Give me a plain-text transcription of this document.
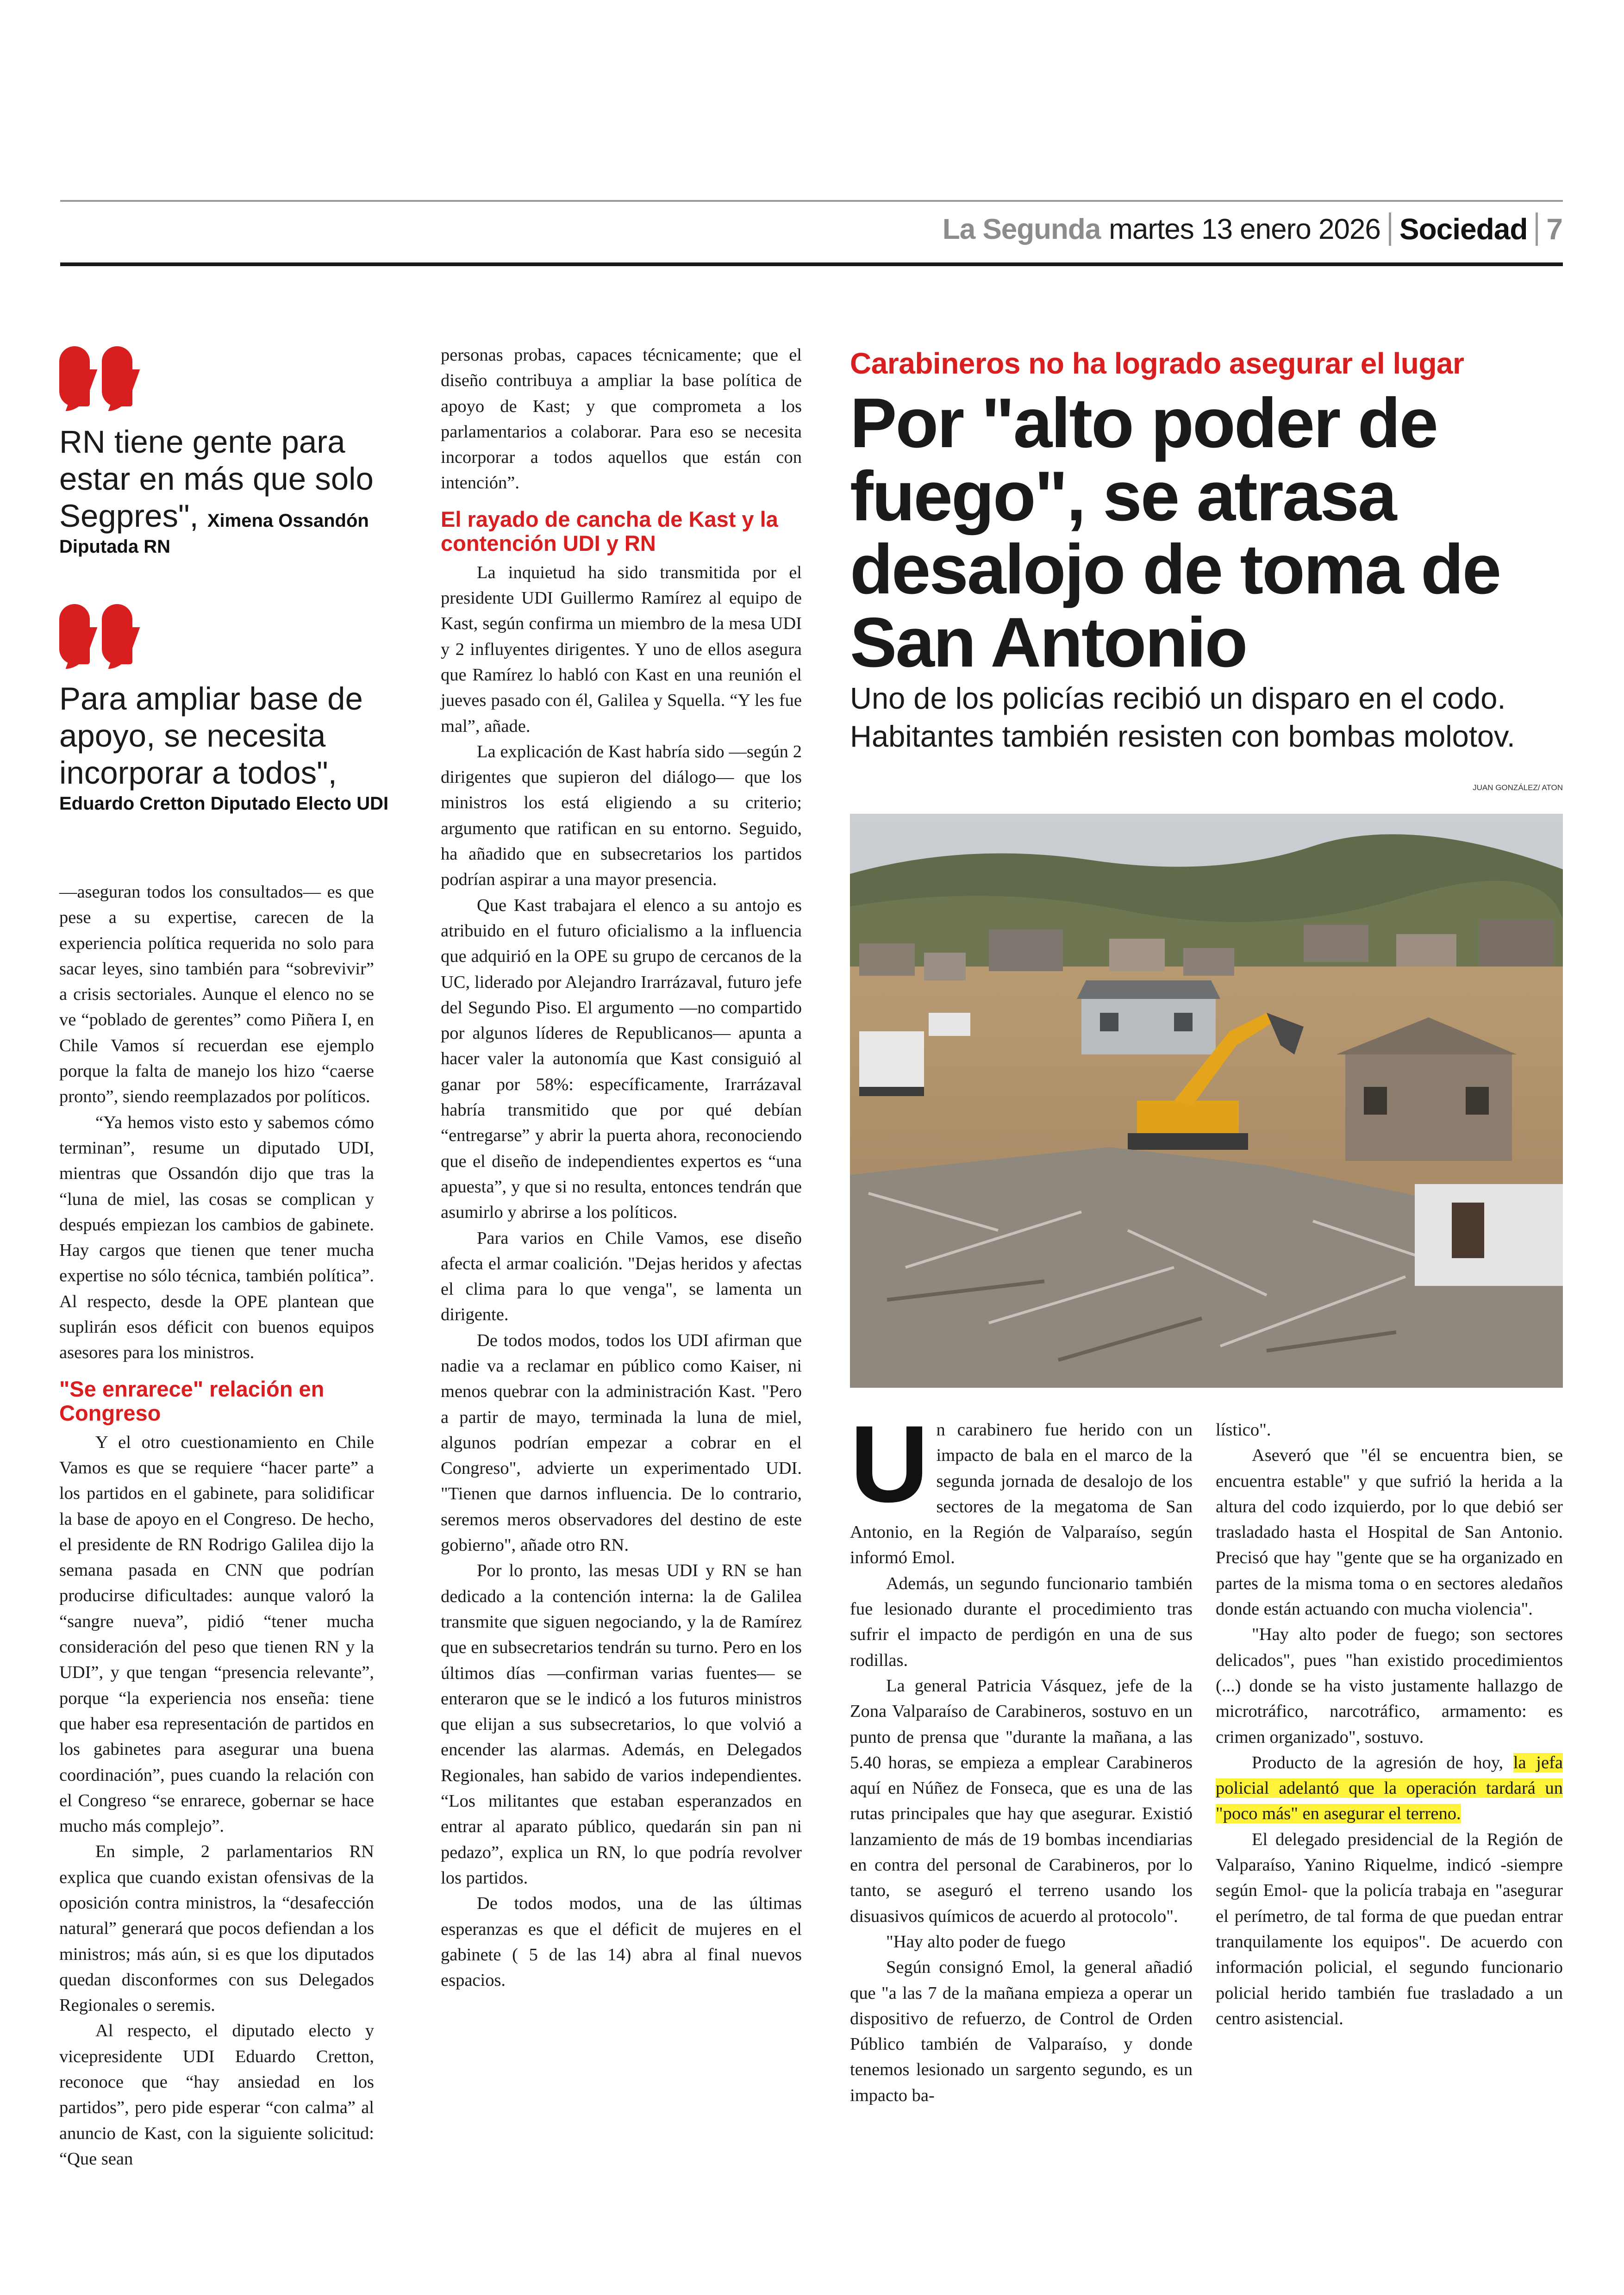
La Segunda martes 13 enero 2026 Sociedad 7
RN tiene gente para estar en más que solo Segpres", Ximena Ossandón
Diputada RN
Para ampliar base de apoyo, se necesita incorporar a todos",
Eduardo Cretton Diputado Electo UDI

—aseguran todos los consultados— es que pese a su expertise, carecen de la experiencia política requerida no solo para sacar leyes, sino también para “sobrevivir” a crisis sectoriales. Aunque el elenco no se ve “poblado de gerentes” como Piñera I, en Chile Vamos sí recuerdan ese ejemplo porque la falta de manejo los hizo “caerse pronto”, siendo reemplazados por políticos.

“Ya hemos visto esto y sabemos cómo terminan”, resume un diputado UDI, mientras que Ossandón dijo que tras la “luna de miel, las cosas se complican y después empiezan los cambios de gabinete. Hay cargos que tienen que tener mucha expertise no sólo técnica, también política”. Al respecto, desde la OPE plantean que suplirán esos déficit con buenos equipos asesores para los ministros.

"Se enrarece" relación en Congreso

Y el otro cuestionamiento en Chile Vamos es que se requiere “hacer parte” a los partidos en el gabinete, para solidificar la base de apoyo en el Congreso. De hecho, el presidente de RN Rodrigo Galilea dijo la semana pasada en CNN que podrían producirse dificultades: aunque valoró la “sangre nueva”, pidió “tener mucha consideración del peso que tienen RN y la UDI”, y que tengan “presencia relevante”, porque “la experiencia nos enseña: tiene que haber esa representación de partidos en los gabinetes para asegurar una buena coordinación”, pues cuando la relación con el Congreso “se enrarece, gobernar se hace mucho más complejo”.

En simple, 2 parlamentarios RN explica que cuando existan ofensivas de la oposición contra ministros, la “desafección natural” generará que pocos defiendan a los ministros; más aún, si es que los diputados quedan disconformes con sus Delegados Regionales o seremis.

Al respecto, el diputado electo y vicepresidente UDI Eduardo Cretton, reconoce que “hay ansiedad en los partidos”, pero pide esperar “con calma” al anuncio de Kast, con la siguiente solicitud: “Que sean

personas probas, capaces técnicamente; que el diseño contribuya a ampliar la base política de apoyo de Kast; y que comprometa a los parlamentarios a colaborar. Para eso se necesita incorporar a todos aquellos que están con intención”.

El rayado de cancha de Kast y la contención UDI y RN

La inquietud ha sido transmitida por el presidente UDI Guillermo Ramírez al equipo de Kast, según confirma un miembro de la mesa UDI y 2 influyentes dirigentes. Y uno de ellos asegura que Ramírez lo habló con Kast en una reunión el jueves pasado con él, Galilea y Squella. “Y les fue mal”, añade.

La explicación de Kast habría sido —según 2 dirigentes que supieron del diálogo— que los ministros los está eligiendo a su criterio; argumento que ratifican en su entorno. Seguido, ha añadido que en subsecretarios los partidos podrían aspirar a una mayor presencia.

Que Kast trabajara el elenco a su antojo es atribuido en el futuro oficialismo a la influencia que adquirió en la OPE su grupo de cercanos de la UC, liderado por Alejandro Irarrázaval, futuro jefe del Segundo Piso. El argumento —no compartido por algunos líderes de Republicanos— apunta a hacer valer la autonomía que Kast consiguió al ganar por 58%: específicamente, Irarrázaval habría transmitido que por qué debían “entregarse” y abrir la puerta ahora, reconociendo que el diseño de independientes expertos es “una apuesta”, y que si no resulta, entonces tendrán que asumirlo y abrirse a los políticos.

Para varios en Chile Vamos, ese diseño afecta el armar coalición. "Dejas heridos y afectas el clima para lo que venga", se lamenta un dirigente.

De todos modos, todos los UDI afirman que nadie va a reclamar en público como Kaiser, ni menos quebrar con la administración Kast. "Pero a partir de mayo, terminada la luna de miel, algunos podrían empezar a cobrar en el Congreso", advierte un experimentado UDI. "Tienen que darnos influencia. De lo contrario, seremos meros observadores del destino de este gobierno", añade otro RN.

Por lo pronto, las mesas UDI y RN se han dedicado a la contención interna: la de Galilea transmite que siguen negociando, y la de Ramírez que en subsecretarios tendrán su turno. Pero en los últimos días —confirman varias fuentes— se enteraron que se le indicó a los futuros ministros que elijan a sus subsecretarios, lo que volvió a encender las alarmas. Además, en Delegados Regionales, han sabido de varios independientes. “Los militantes que estaban esperanzados en entrar al aparato público, quedarán sin pan ni pedazo”, explica un RN, lo que podría revolver los partidos.

De todos modos, una de las últimas esperanzas es que el déficit de mujeres en el gabinete ( 5 de las 14) abra al final nuevos espacios.

Carabineros no ha logrado asegurar el lugar
Por "alto poder de fuego", se atrasa desalojo de toma de San Antonio
Uno de los policías recibió un disparo en el codo. Habitantes también resisten con bombas molotov.
JUAN GONZÁLEZ/ ATON

Un carabinero fue herido con un impacto de bala en el marco de la segunda jornada de desalojo de los sectores de la megatoma de San Antonio, en la Región de Valparaíso, según informó Emol.

Además, un segundo funcionario también fue lesionado durante el procedimiento tras sufrir el impacto de perdigón en una de sus rodillas.

La general Patricia Vásquez, jefe de la Zona Valparaíso de Carabineros, sostuvo en un punto de prensa que "durante la mañana, a las 5.40 horas, se empieza a emplear Carabineros aquí en Núñez de Fonseca, que es una de las rutas principales que hay que asegurar. Existió lanzamiento de más de 19 bombas incendiarias en contra del personal de Carabineros, por lo tanto, se aseguró el terreno usando los disuasivos químicos de acuerdo al protocolo".

"Hay alto poder de fuego

Según consignó Emol, la general añadió que "a las 7 de la mañana empieza a operar un dispositivo de refuerzo, de Control de Orden Público también de Valparaíso, y donde tenemos lesionado un sargento segundo, es un impacto ba-

lístico".

Aseveró que "él se encuentra bien, se encuentra estable" y que sufrió la herida a la altura del codo izquierdo, por lo que debió ser trasladado hasta el Hospital de San Antonio. Precisó que hay "gente que se ha organizado en partes de la misma toma o en sectores aledaños donde están actuando con mucha violencia".

"Hay alto poder de fuego; son sectores delicados", pues "han existido procedimientos (...) donde se ha visto justamente hallazgo de microtráfico, narcotráfico, armamento: es crimen organizado", sostuvo.

Producto de la agresión de hoy, la jefa policial adelantó que la operación tardará un "poco más" en asegurar el terreno.

El delegado presidencial de la Región de Valparaíso, Yanino Riquelme, indicó -siempre según Emol- que la policía trabaja en "asegurar el perímetro, de tal forma de que puedan entrar tranquilamente los equipos". De acuerdo con información policial, el segundo funcionario policial herido también fue trasladado a un centro asistencial.
